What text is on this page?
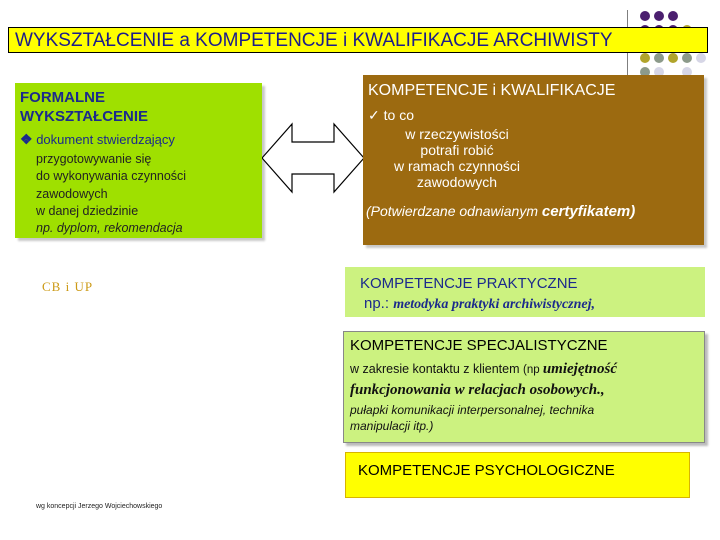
WYKSZTAŁCENIE a KOMPETENCJE i KWALIFIKACJE ARCHIWISTY
FORMALNE
WYKSZTAŁCENIE
❖ dokument stwierdzający
przygotowywanie się
do wykonywania czynności
zawodowych
w danej dziedzinie
np. dyplom, rekomendacja
KOMPETENCJE i KWALIFIKACJE
✓ to co
w rzeczywistości
potrafi robić
w ramach czynności
zawodowych
(Potwierdzane odnawianym certyfikatem)
CB i UP	KOMPETENCJE PRAKTYCZNE
np.: metodyka praktyki archiwistycznej,
KOMPETENCJE SPECJALISTYCZNE
w zakresie kontaktu z klientem (np umiejętność
funkcjonowania w relacjach osobowych.,
pułapki komunikacji interpersonalnej, technika
manipulacji itp.)
KOMPETENCJE PSYCHOLOGICZNE
wg koncepcji Jerzego Wojciechowskiego
